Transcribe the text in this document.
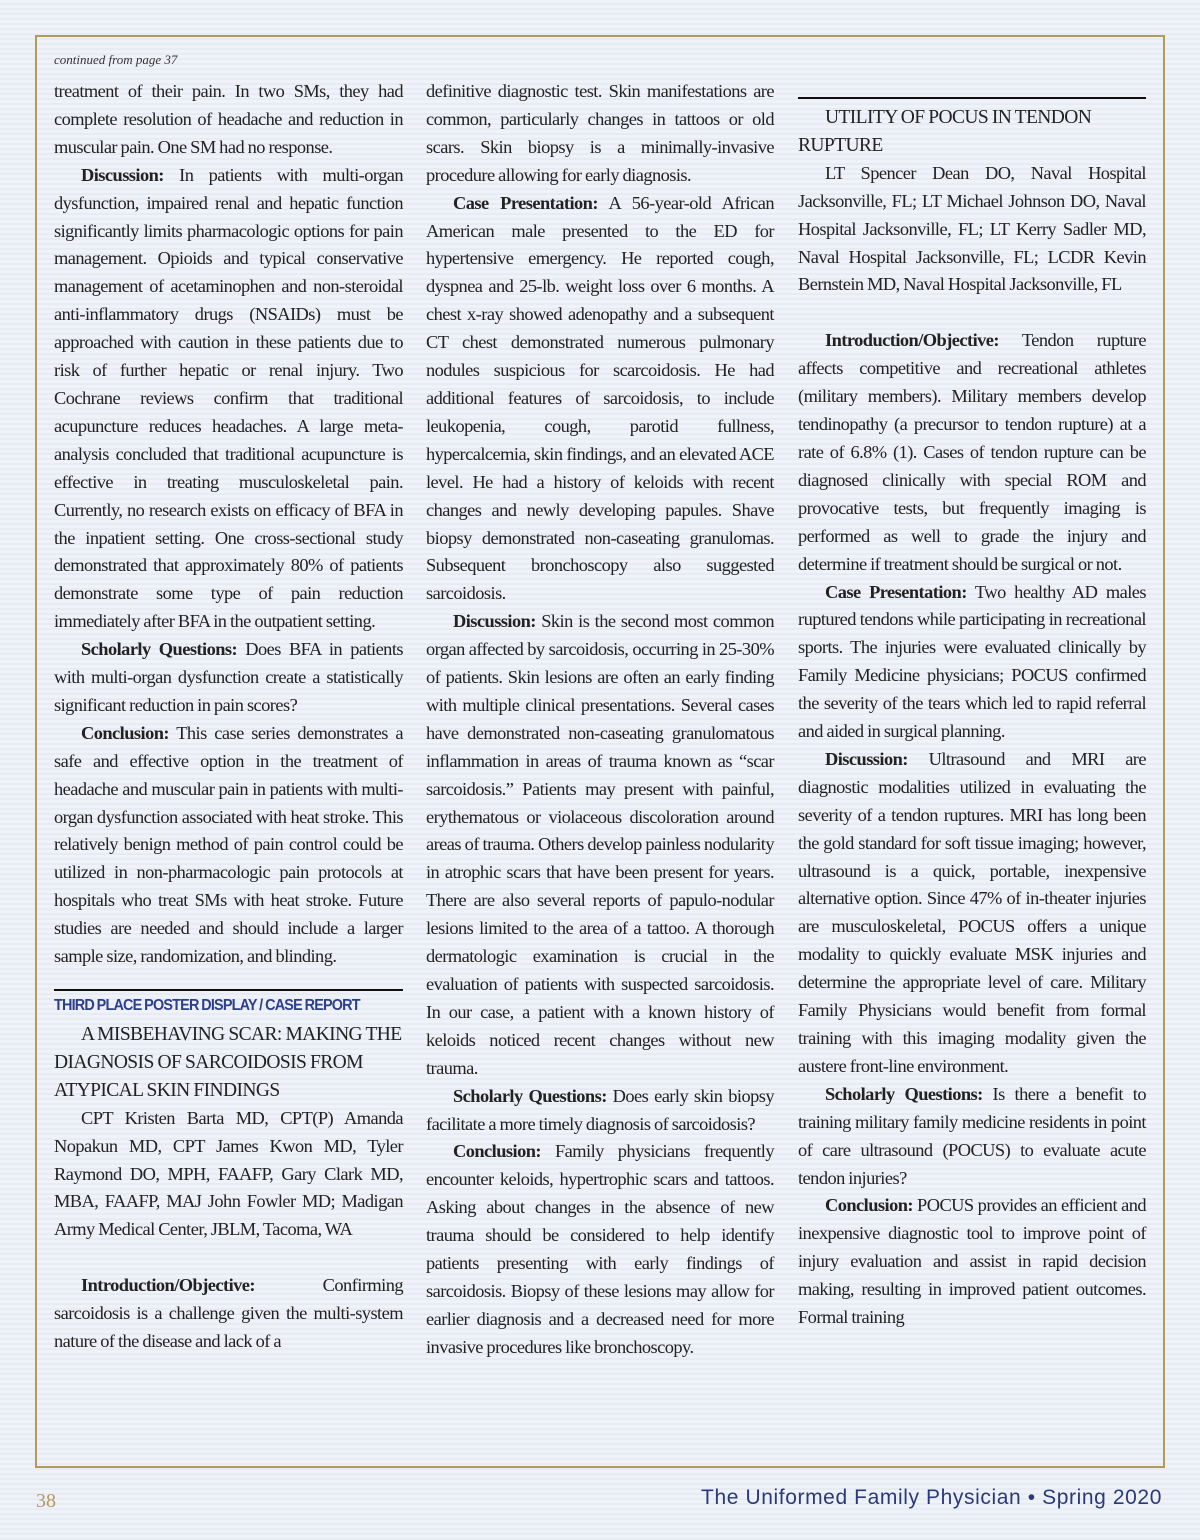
continued from page 37

treatment of their pain. In two SMs, they had complete resolution of headache and reduction in muscular pain. One SM had no response.

Discussion: In patients with multi-organ dysfunction, impaired renal and hepatic function significantly limits pharmacologic options for pain management. Opioids and typical conservative management of acetaminophen and non-steroidal anti-inflammatory drugs (NSAIDs) must be approached with caution in these patients due to risk of further hepatic or renal injury. Two Cochrane reviews confirm that traditional acupuncture reduces headaches. A large meta-analysis concluded that traditional acupuncture is effective in treating musculoskeletal pain. Currently, no research exists on efficacy of BFA in the inpatient setting. One cross-sectional study demonstrated that approximately 80% of patients demonstrate some type of pain reduction immediately after BFA in the outpatient setting.

Scholarly Questions: Does BFA in patients with multi-organ dysfunction create a statistically significant reduction in pain scores?

Conclusion: This case series demonstrates a safe and effective option in the treatment of headache and muscular pain in patients with multi-organ dysfunction associated with heat stroke. This relatively benign method of pain control could be utilized in non-pharmacologic pain protocols at hospitals who treat SMs with heat stroke. Future studies are needed and should include a larger sample size, randomization, and blinding.

THIRD PLACE POSTER DISPLAY / CASE REPORT

A MISBEHAVING SCAR: MAKING THE DIAGNOSIS OF SARCOIDOSIS FROM ATYPICAL SKIN FINDINGS

CPT Kristen Barta MD, CPT(P) Amanda Nopakun MD, CPT James Kwon MD, Tyler Raymond DO, MPH, FAAFP, Gary Clark MD, MBA, FAAFP, MAJ John Fowler MD; Madigan Army Medical Center, JBLM, Tacoma, WA

Introduction/Objective: Confirming sarcoidosis is a challenge given the multi-system nature of the disease and lack of a

definitive diagnostic test. Skin manifestations are common, particularly changes in tattoos or old scars. Skin biopsy is a minimally-invasive procedure allowing for early diagnosis.

Case Presentation: A 56-year-old African American male presented to the ED for hypertensive emergency. He reported cough, dyspnea and 25-lb. weight loss over 6 months. A chest x-ray showed adenopathy and a subsequent CT chest demonstrated numerous pulmonary nodules suspicious for scarcoidosis. He had additional features of sarcoidosis, to include leukopenia, cough, parotid fullness, hypercalcemia, skin findings, and an elevated ACE level. He had a history of keloids with recent changes and newly developing papules. Shave biopsy demonstrated non-caseating granulomas. Subsequent bronchoscopy also suggested sarcoidosis.

Discussion: Skin is the second most common organ affected by sarcoidosis, occurring in 25-30% of patients. Skin lesions are often an early finding with multiple clinical presentations. Several cases have demonstrated non-caseating granulomatous inflammation in areas of trauma known as “scar sarcoidosis.” Patients may present with painful, erythematous or violaceous discoloration around areas of trauma. Others develop painless nodularity in atrophic scars that have been present for years. There are also several reports of papulo-nodular lesions limited to the area of a tattoo. A thorough dermatologic examination is crucial in the evaluation of patients with suspected sarcoidosis. In our case, a patient with a known history of keloids noticed recent changes without new trauma.

Scholarly Questions: Does early skin biopsy facilitate a more timely diagnosis of sarcoidosis?

Conclusion: Family physicians frequently encounter keloids, hypertrophic scars and tattoos. Asking about changes in the absence of new trauma should be considered to help identify patients presenting with early findings of sarcoidosis. Biopsy of these lesions may allow for earlier diagnosis and a decreased need for more invasive procedures like bronchoscopy.

UTILITY OF POCUS IN TENDON RUPTURE

LT Spencer Dean DO, Naval Hospital Jacksonville, FL; LT Michael Johnson DO, Naval Hospital Jacksonville, FL; LT Kerry Sadler MD, Naval Hospital Jacksonville, FL; LCDR Kevin Bernstein MD, Naval Hospital Jacksonville, FL

Introduction/Objective: Tendon rupture affects competitive and recreational athletes (military members). Military members develop tendinopathy (a precursor to tendon rupture) at a rate of 6.8% (1). Cases of tendon rupture can be diagnosed clinically with special ROM and provocative tests, but frequently imaging is performed as well to grade the injury and determine if treatment should be surgical or not.

Case Presentation: Two healthy AD males ruptured tendons while participating in recreational sports. The injuries were evaluated clinically by Family Medicine physicians; POCUS confirmed the severity of the tears which led to rapid referral and aided in surgical planning.

Discussion: Ultrasound and MRI are diagnostic modalities utilized in evaluating the severity of a tendon ruptures. MRI has long been the gold standard for soft tissue imaging; however, ultrasound is a quick, portable, inexpensive alternative option. Since 47% of in-theater injuries are musculoskeletal, POCUS offers a unique modality to quickly evaluate MSK injuries and determine the appropriate level of care. Military Family Physicians would benefit from formal training with this imaging modality given the austere front-line environment.

Scholarly Questions: Is there a benefit to training military family medicine residents in point of care ultrasound (POCUS) to evaluate acute tendon injuries?

Conclusion: POCUS provides an efficient and inexpensive diagnostic tool to improve point of injury evaluation and assist in rapid decision making, resulting in improved patient outcomes. Formal training

38	The Uniformed Family Physician • Spring 2020
